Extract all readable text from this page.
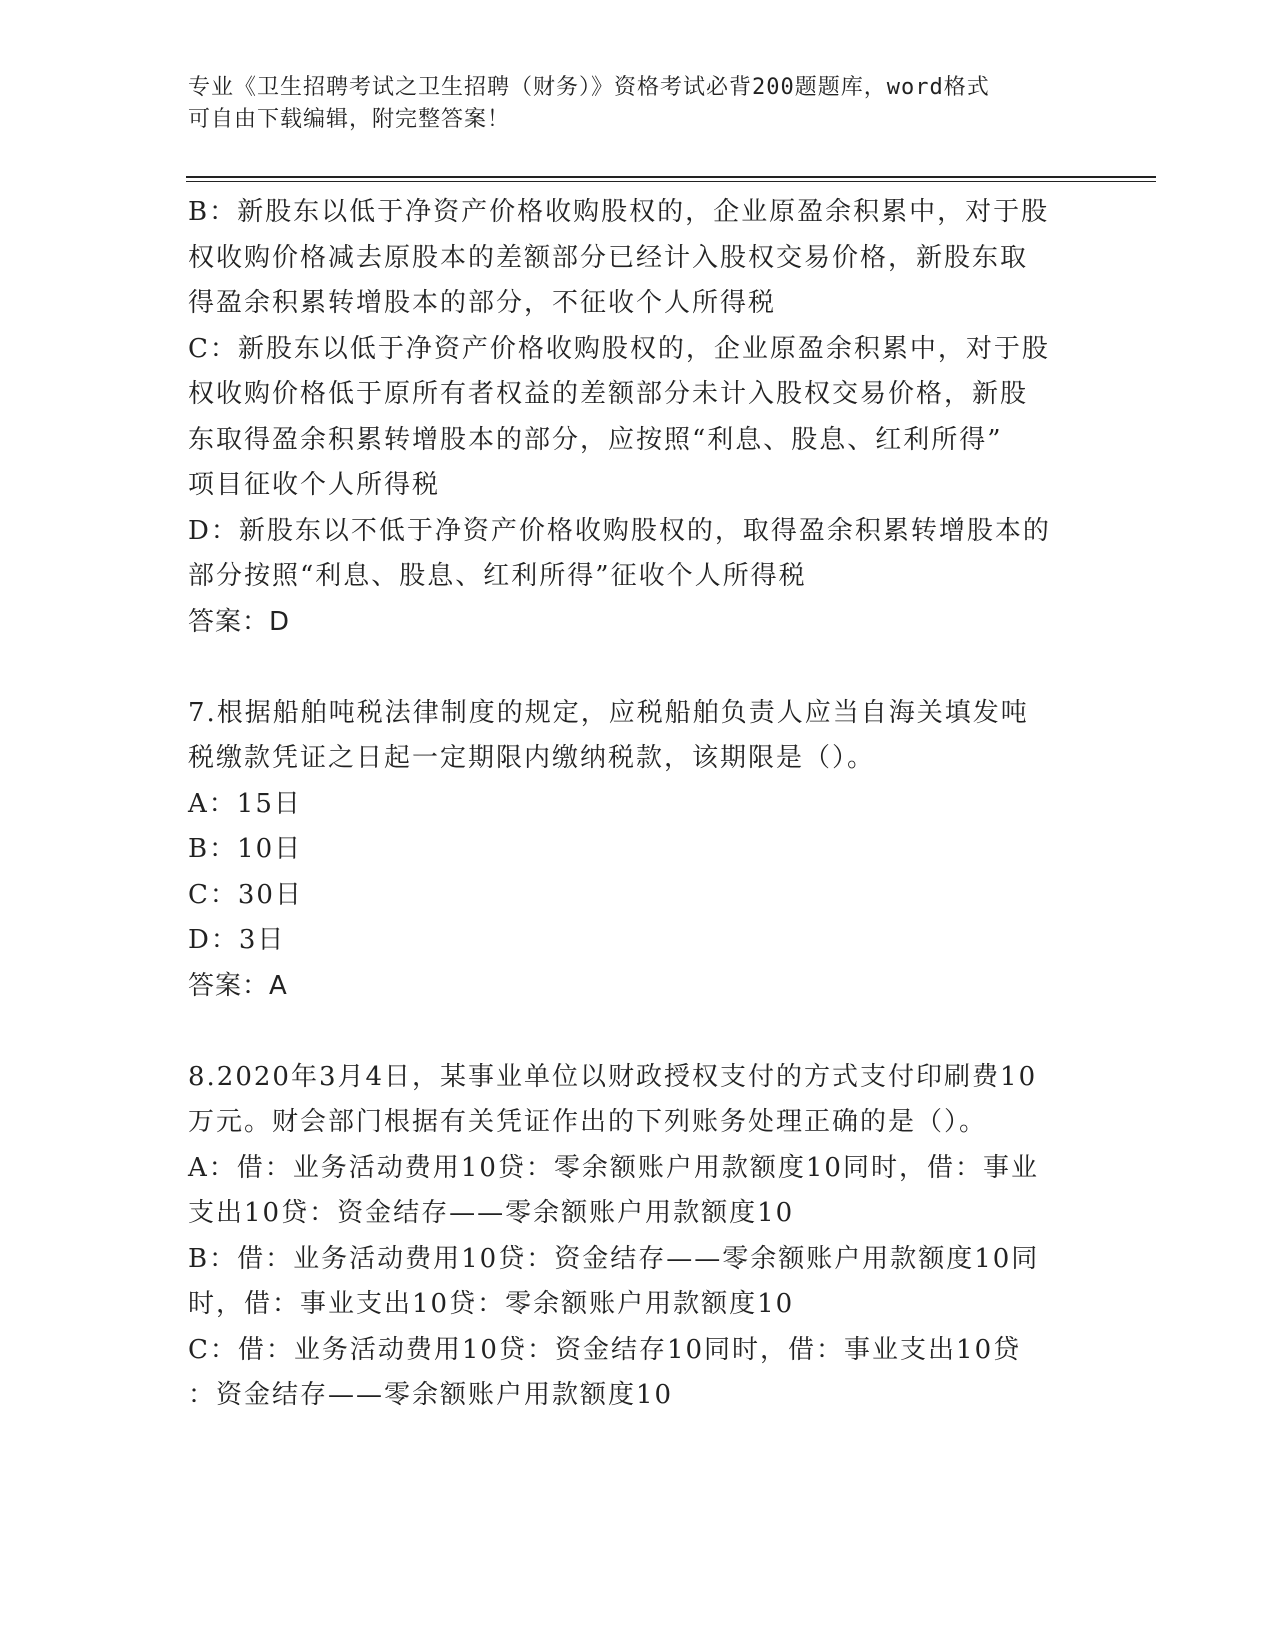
专业《卫生招聘考试之卫生招聘（财务）》资格考试必背200题题库，word格式
可自由下载编辑，附完整答案！
B：新股东以低于净资产价格收购股权的，企业原盈余积累中，对于股
权收购价格减去原股本的差额部分已经计入股权交易价格，新股东取
得盈余积累转增股本的部分，不征收个人所得税
C：新股东以低于净资产价格收购股权的，企业原盈余积累中，对于股
权收购价格低于原所有者权益的差额部分未计入股权交易价格，新股
东取得盈余积累转增股本的部分，应按照“利息、股息、红利所得”
项目征收个人所得税
D：新股东以不低于净资产价格收购股权的，取得盈余积累转增股本的
部分按照“利息、股息、红利所得”征收个人所得税
答案：D
7.根据船舶吨税法律制度的规定，应税船舶负责人应当自海关填发吨
税缴款凭证之日起一定期限内缴纳税款，该期限是（）。
A：15日
B：10日
C：30日
D：3日
答案：A
8.2020年3月4日，某事业单位以财政授权支付的方式支付印刷费10
万元。财会部门根据有关凭证作出的下列账务处理正确的是（）。
A：借：业务活动费用10贷：零余额账户用款额度10同时，借：事业
支出10贷：资金结存——零余额账户用款额度10
B：借：业务活动费用10贷：资金结存——零余额账户用款额度10同
时，借：事业支出10贷：零余额账户用款额度10
C：借：业务活动费用10贷：资金结存10同时，借：事业支出10贷
：资金结存——零余额账户用款额度10
